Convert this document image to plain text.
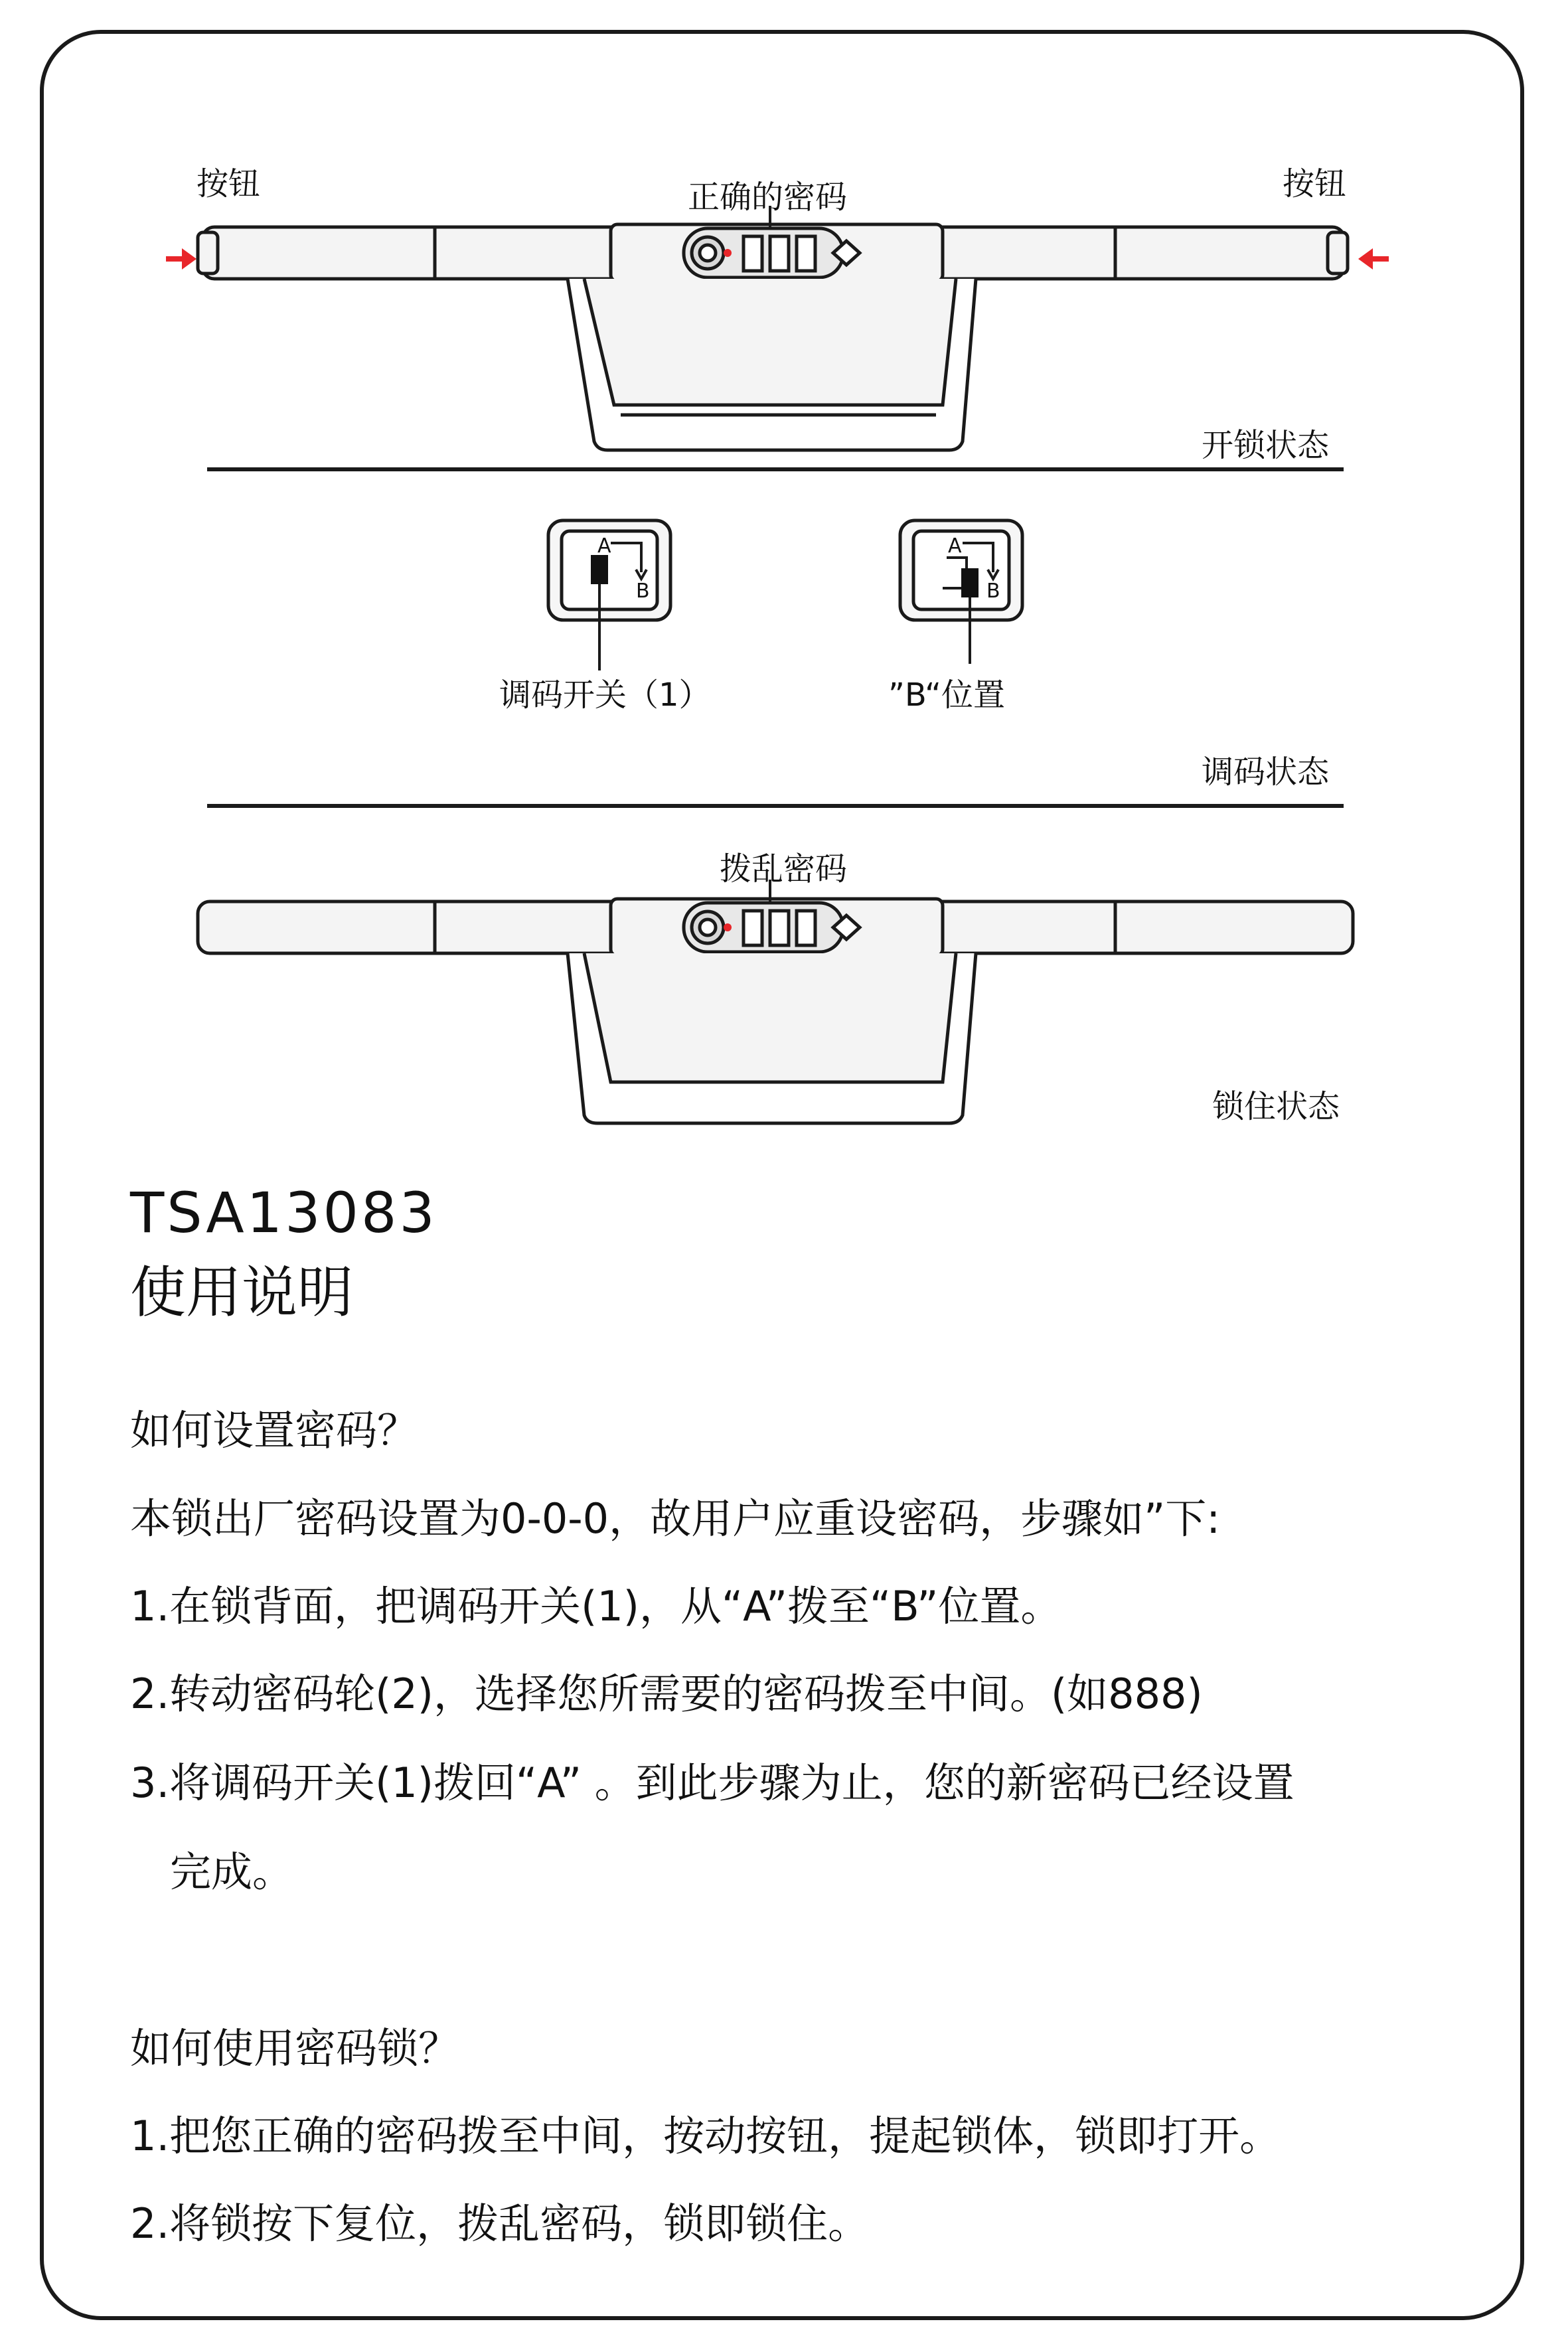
按钮	按钮
正确的密码
开锁状态
A
B
A
B
调码开关（1）	”B“位置
调码状态
拨乱密码
锁住状态
TSA13083
使用说明
如何设置密码？
本锁出厂密码设置为0-0-0，故用户应重设密码，步骤如”下:
1.在锁背面，把调码开关(1)，从“A”拨至“B”位置。
2.转动密码轮(2)，选择您所需要的密码拨至中间。(如888)
3.将调码开关(1)拨回“A” 。到此步骤为止，您的新密码已经设置
完成。
如何使用密码锁？
1.把您正确的密码拨至中间，按动按钮，提起锁体，锁即打开。
2.将锁按下复位，拨乱密码，锁即锁住。
